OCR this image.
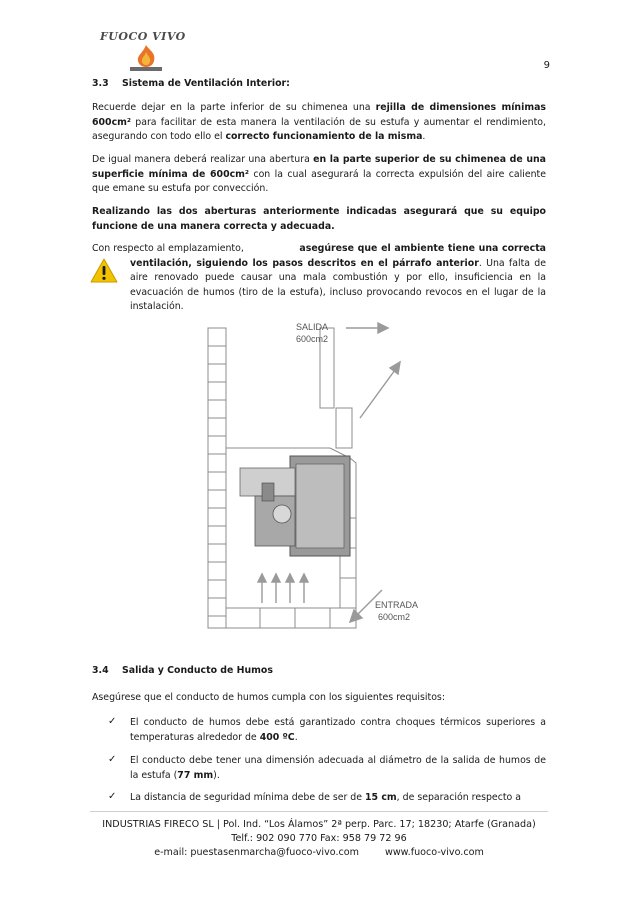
FUOCO VIVO
9
3.3 Sistema de Ventilación Interior:
Recuerde dejar en la parte inferior de su chimenea una rejilla de dimensiones mínimas 600cm² para facilitar de esta manera la ventilación de su estufa y aumentar el rendimiento, asegurando con todo ello el correcto funcionamiento de la misma.
De igual manera deberá realizar una abertura en la parte superior de su chimenea de una superficie mínima de 600cm² con la cual asegurará la correcta expulsión del aire caliente que emane su estufa por convección.
Realizando las dos aberturas anteriormente indicadas asegurará que su equipo funcione de una manera correcta y adecuada.
Con respecto al emplazamiento,	asegúrese que el ambiente tiene una correcta ventilación, siguiendo los pasos descritos en el párrafo anterior. Una falta de aire renovado puede causar una mala combustión y por ello, insuficiencia en la evacuación de humos (tiro de la estufa), incluso provocando revocos en el lugar de la instalación.
SALIDA
600cm2
ENTRADA
600cm2
3.4 Salida y Conducto de Humos
Asegúrese que el conducto de humos cumpla con los siguientes requisitos:
✓ El conducto de humos debe está garantizado contra choques térmicos superiores a temperaturas alrededor de 400 ºC.
✓ El conducto debe tener una dimensión adecuada al diámetro de la salida de humos de la estufa (77 mm).
✓ La distancia de seguridad mínima debe de ser de 15 cm, de separación respecto a
INDUSTRIAS FIRECO SL | Pol. Ind. “Los Álamos” 2ª perp. Parc. 17; 18230; Atarfe (Granada)
Telf.: 902 090 770 Fax: 958 79 72 96
e-mail: puestasenmarcha@fuoco-vivo.com	www.fuoco-vivo.com
